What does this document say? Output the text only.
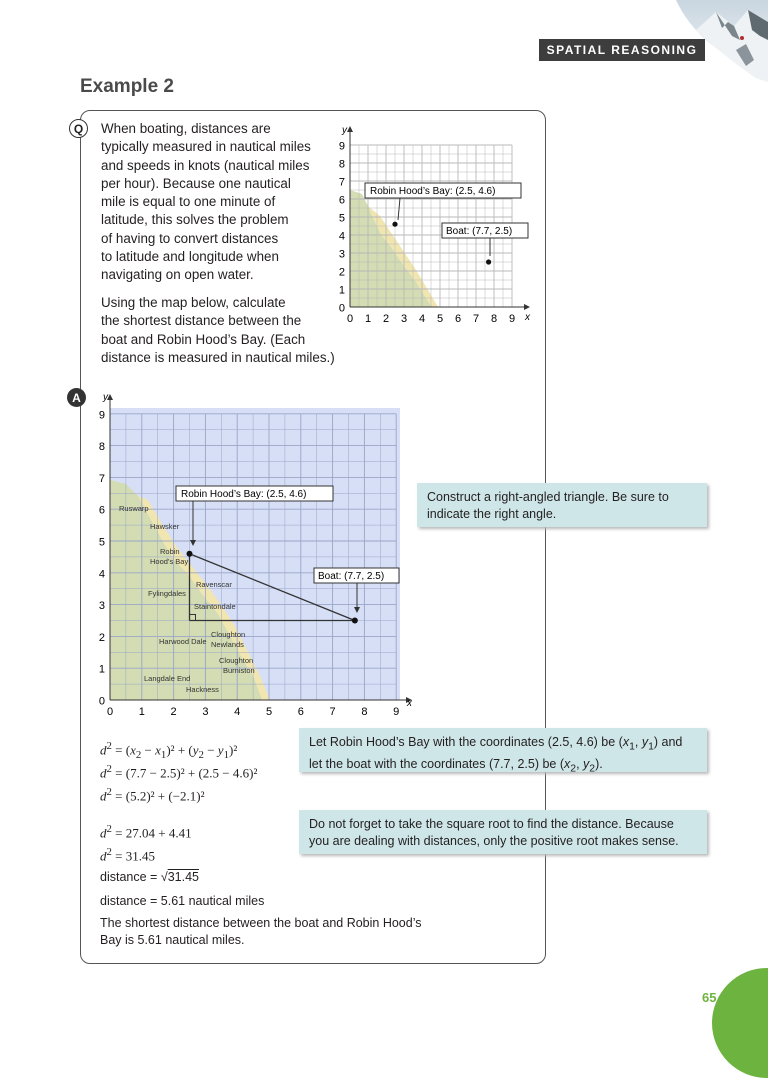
SPATIAL REASONING
Example 2
Q
A

When boating, distances are
typically measured in nautical miles
and speeds in knots (nautical miles
per hour). Because one nautical
mile is equal to one minute of
latitude, this solves the problem
of having to convert distances
to latitude and longitude when
navigating on open water.

Using the map below, calculate
the shortest distance between the
boat and Robin Hood’s Bay. (Each
distance is measured in nautical miles.)

y
x
0 1 2 3 4 5 6 7 8 9
0
1
2
3
4
5
6
7
8
9
Robin Hood’s Bay: (2.5, 4.6)
Boat: (7.7, 2.5)
y
x
0 1 2 3 4 5 6 7 8 9
0
1
2
3
4
5
6
7
8
9
Ruswarp
Hawsker
Robin
Hood’s Bay
Ravenscar
Fylingdales
Staintondale
Harwood Dale
Cloughton
Newlands
Cloughton
Burniston
Langdale End
Hackness
Robin Hood’s Bay: (2.5, 4.6)
Boat: (7.7, 2.5)
Construct a right-angled triangle. Be sure to indicate the right angle.
Let Robin Hood’s Bay with the coordinates (2.5, 4.6) be ($x_1$, $y_1$) and let the boat with the coordinates (7.7, 2.5) be ($x_2$, $y_2$).
Do not forget to take the square root to find the distance. Because you are dealing with distances, only the positive root makes sense.
$d^2 = (x_2 - x_1)^2 + (y_2 - y_1)^2$
$d^2 = (7.7 - 2.5)^2 + (2.5 - 4.6)^2$
$d^2 = (5.2)^2 + (-2.1)^2$
$d^2 = 27.04 + 4.41$
$d^2 = 31.45$
distance = √31.45
distance = 5.61 nautical miles
The shortest distance between the boat and Robin Hood’s
Bay is 5.61 nautical miles.
65
